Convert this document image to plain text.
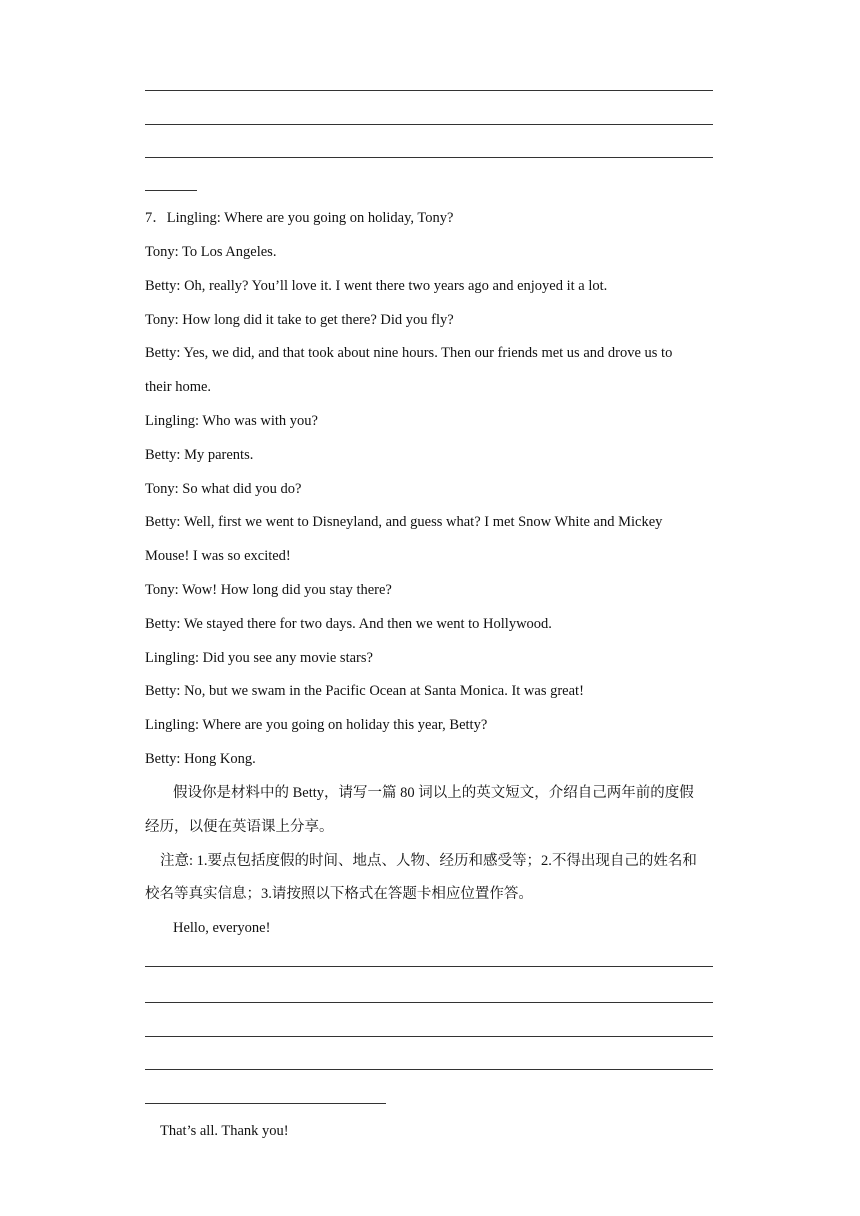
7．Lingling: Where are you going on holiday, Tony?
Tony: To Los Angeles.
Betty: Oh, really? You’ll love it. I went there two years ago and enjoyed it a lot.
Tony: How long did it take to get there? Did you fly?
Betty: Yes, we did, and that took about nine hours. Then our friends met us and drove us to
their home.
Lingling: Who was with you?
Betty: My parents.
Tony: So what did you do?
Betty: Well, first we went to Disneyland, and guess what? I met Snow White and Mickey
Mouse! I was so excited!
Tony: Wow! How long did you stay there?
Betty: We stayed there for two days. And then we went to Hollywood.
Lingling: Did you see any movie stars?
Betty: No, but we swam in the Pacific Ocean at Santa Monica. It was great!
Lingling: Where are you going on holiday this year, Betty?
Betty: Hong Kong.
假设你是材料中的 Betty，请写一篇 80 词以上的英文短文，介绍自己两年前的度假
经历，以便在英语课上分享。
注意: 1.要点包括度假的时间、地点、人物、经历和感受等；2.不得出现自己的姓名和
校名等真实信息；3.请按照以下格式在答题卡相应位置作答。
Hello, everyone!
That’s all. Thank you!
